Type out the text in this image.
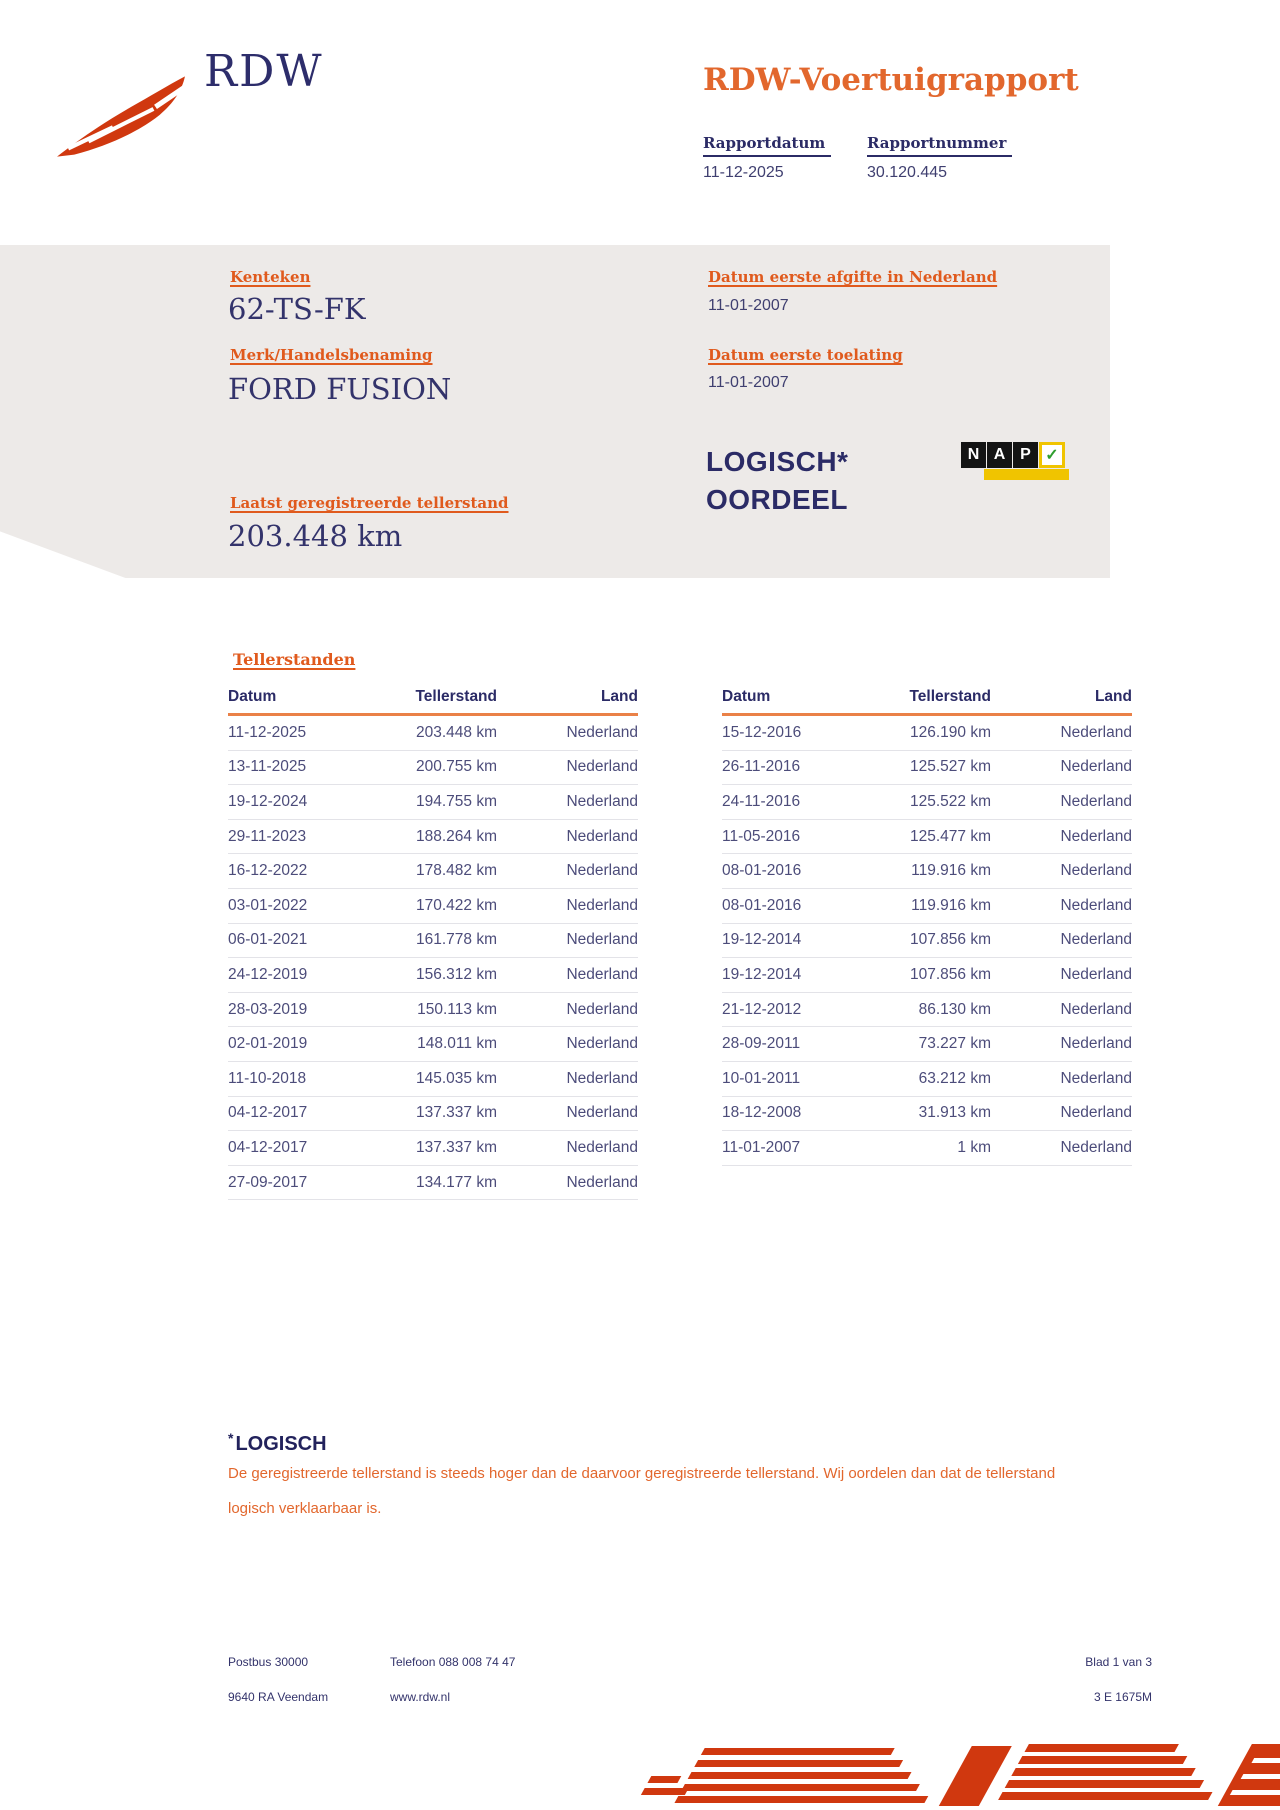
RDW	RDW-Voertuigrapport
Rapportdatum
11-12-2025
Rapportnummer
30.120.445
Kenteken
62-TS-FK
Merk/Handelsbenaming
FORD FUSION
Laatst geregistreerde tellerstand
203.448 km
Datum eerste afgifte in Nederland
11-01-2007
Datum eerste toelating
11-01-2007
LOGISCH*
OORDEEL
N A P ✓
Tellerstanden
Datum	Tellerstand	Land
11-12-2025	203.448 km	Nederland
13-11-2025	200.755 km	Nederland
19-12-2024	194.755 km	Nederland
29-11-2023	188.264 km	Nederland
16-12-2022	178.482 km	Nederland
03-01-2022	170.422 km	Nederland
06-01-2021	161.778 km	Nederland
24-12-2019	156.312 km	Nederland
28-03-2019	150.113 km	Nederland
02-01-2019	148.011 km	Nederland
11-10-2018	145.035 km	Nederland
04-12-2017	137.337 km	Nederland
04-12-2017	137.337 km	Nederland
27-09-2017	134.177 km	Nederland
Datum	Tellerstand	Land
15-12-2016	126.190 km	Nederland
26-11-2016	125.527 km	Nederland
24-11-2016	125.522 km	Nederland
11-05-2016	125.477 km	Nederland
08-01-2016	119.916 km	Nederland
08-01-2016	119.916 km	Nederland
19-12-2014	107.856 km	Nederland
19-12-2014	107.856 km	Nederland
21-12-2012	86.130 km	Nederland
28-09-2011	73.227 km	Nederland
10-01-2011	63.212 km	Nederland
18-12-2008	31.913 km	Nederland
11-01-2007	1 km	Nederland
* LOGISCH
De geregistreerde tellerstand is steeds hoger dan de daarvoor geregistreerde tellerstand. Wij oordelen dan dat de tellerstand logisch verklaarbaar is.
Postbus 30000
9640 RA Veendam
Telefoon 088 008 74 47
www.rdw.nl
Blad 1 van 3
3 E 1675M
